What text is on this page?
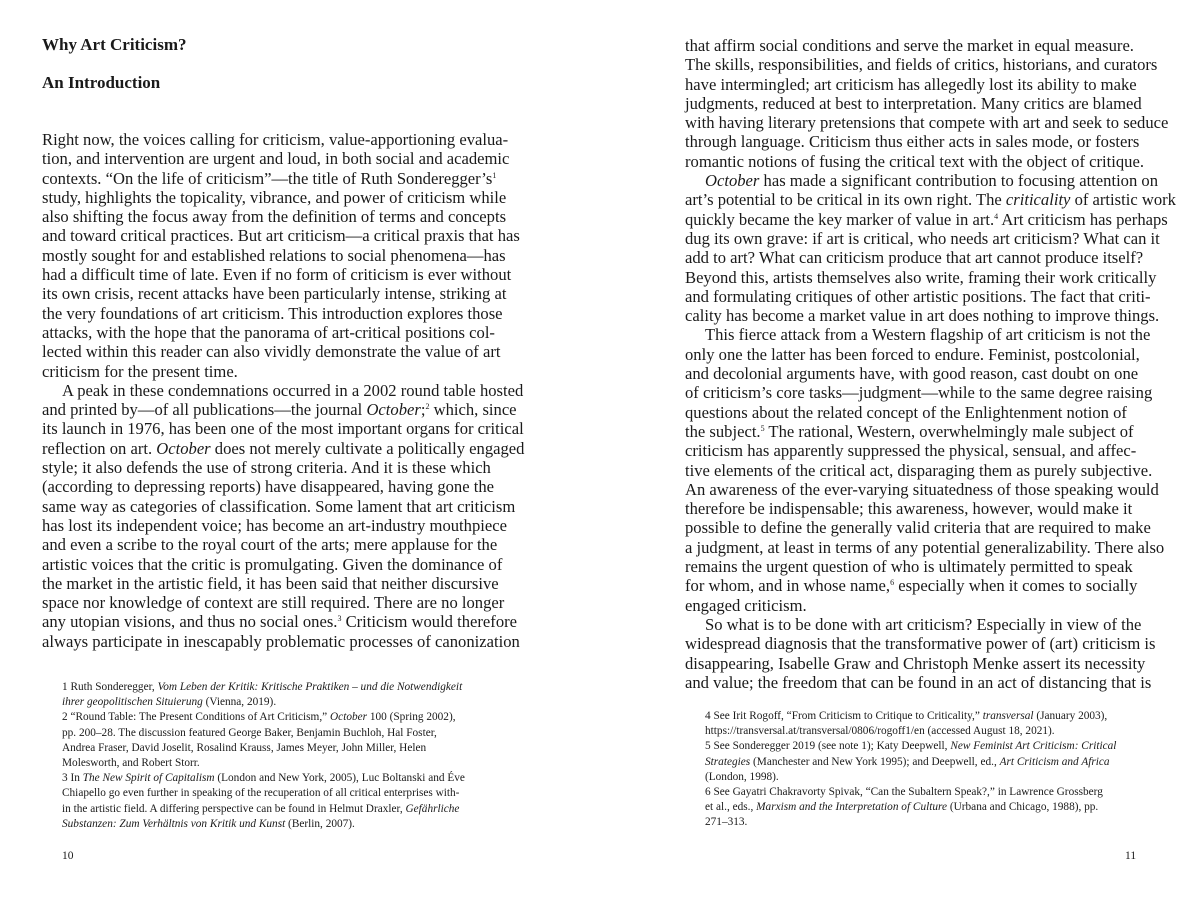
Why Art Criticism?
An Introduction
Right now, the voices calling for criticism, value-apportioning evalua-
tion, and intervention are urgent and loud, in both social and academic
contexts. “On the life of criticism”—the title of Ruth $Sonderegger’s^1$
study, highlights the topicality, vibrance, and power of criticism while
also shifting the focus away from the definition of terms and concepts
and toward critical practices. But art criticism—a critical praxis that has
mostly sought for and established relations to social phenomena—has
had a difficult time of late. Even if no form of criticism is ever without
its own crisis, recent attacks have been particularly intense, striking at
the very foundations of art criticism. This introduction explores those
attacks, with the hope that the panorama of art-critical positions col-
lected within this reader can also vividly demonstrate the value of art
criticism for the present time.
A peak in these condemnations occurred in a 2002 round table hosted
and printed by—of all publications—the journal October;$^2$ which, since
its launch in 1976, has been one of the most important organs for critical
reflection on art. October does not merely cultivate a politically engaged
style; it also defends the use of strong criteria. And it is these which
(according to depressing reports) have disappeared, having gone the
same way as categories of classification. Some lament that art criticism
has lost its independent voice; has become an art-industry mouthpiece
and even a scribe to the royal court of the arts; mere applause for the
artistic voices that the critic is promulgating. Given the dominance of
the market in the artistic field, it has been said that neither discursive
space nor knowledge of context are still required. There are no longer
any utopian visions, and thus no social ones.$^3$ Criticism would therefore
always participate in inescapably problematic processes of canonization
1 Ruth Sonderegger, Vom Leben der Kritik: Kritische Praktiken – und die Notwendigkeit
ihrer geopolitischen Situierung (Vienna, 2019).
2 “Round Table: The Present Conditions of Art Criticism,” October 100 (Spring 2002),
pp. 200–28. The discussion featured George Baker, Benjamin Buchloh, Hal Foster,
Andrea Fraser, David Joselit, Rosalind Krauss, James Meyer, John Miller, Helen
Molesworth, and Robert Storr.
3 In The New Spirit of Capitalism (London and New York, 2005), Luc Boltanski and Éve
Chiapello go even further in speaking of the recuperation of all critical enterprises with-
in the artistic field. A differing perspective can be found in Helmut Draxler, Gefährliche
Substanzen: Zum Verhältnis von Kritik und Kunst (Berlin, 2007).

10

that affirm social conditions and serve the market in equal measure.
The skills, responsibilities, and fields of critics, historians, and curators
have intermingled; art criticism has allegedly lost its ability to make
judgments, reduced at best to interpretation. Many critics are blamed
with having literary pretensions that compete with art and seek to seduce
through language. Criticism thus either acts in sales mode, or fosters
romantic notions of fusing the critical text with the object of critique.
October has made a significant contribution to focusing attention on
art’s potential to be critical in its own right. The criticality of artistic work
quickly became the key marker of value in art.$^4$ Art criticism has perhaps
dug its own grave: if art is critical, who needs art criticism? What can it
add to art? What can criticism produce that art cannot produce itself?
Beyond this, artists themselves also write, framing their work critically
and formulating critiques of other artistic positions. The fact that criti-
cality has become a market value in art does nothing to improve things.
This fierce attack from a Western flagship of art criticism is not the
only one the latter has been forced to endure. Feminist, postcolonial,
and decolonial arguments have, with good reason, cast doubt on one
of criticism’s core tasks—judgment—while to the same degree raising
questions about the related concept of the Enlightenment notion of
the subject.$^5$ The rational, Western, overwhelmingly male subject of
criticism has apparently suppressed the physical, sensual, and affec-
tive elements of the critical act, disparaging them as purely subjective.
An awareness of the ever-varying situatedness of those speaking would
therefore be indispensable; this awareness, however, would make it
possible to define the generally valid criteria that are required to make
a judgment, at least in terms of any potential generalizability. There also
remains the urgent question of who is ultimately permitted to speak
for whom, and in whose name,$^6$ especially when it comes to socially
engaged criticism.
So what is to be done with art criticism? Especially in view of the
widespread diagnosis that the transformative power of (art) criticism is
disappearing, Isabelle Graw and Christoph Menke assert its necessity
and value; the freedom that can be found in an act of distancing that is
4 See Irit Rogoff, “From Criticism to Critique to Criticality,” transversal (January 2003),
https://transversal.at/transversal/0806/rogoff1/en (accessed August 18, 2021).
5 See Sonderegger 2019 (see note 1); Katy Deepwell, New Feminist Art Criticism: Critical
Strategies (Manchester and New York 1995); and Deepwell, ed., Art Criticism and Africa
(London, 1998).
6 See Gayatri Chakravorty Spivak, “Can the Subaltern Speak?,” in Lawrence Grossberg
et al., eds., Marxism and the Interpretation of Culture (Urbana and Chicago, 1988), pp.
271–313.

11
